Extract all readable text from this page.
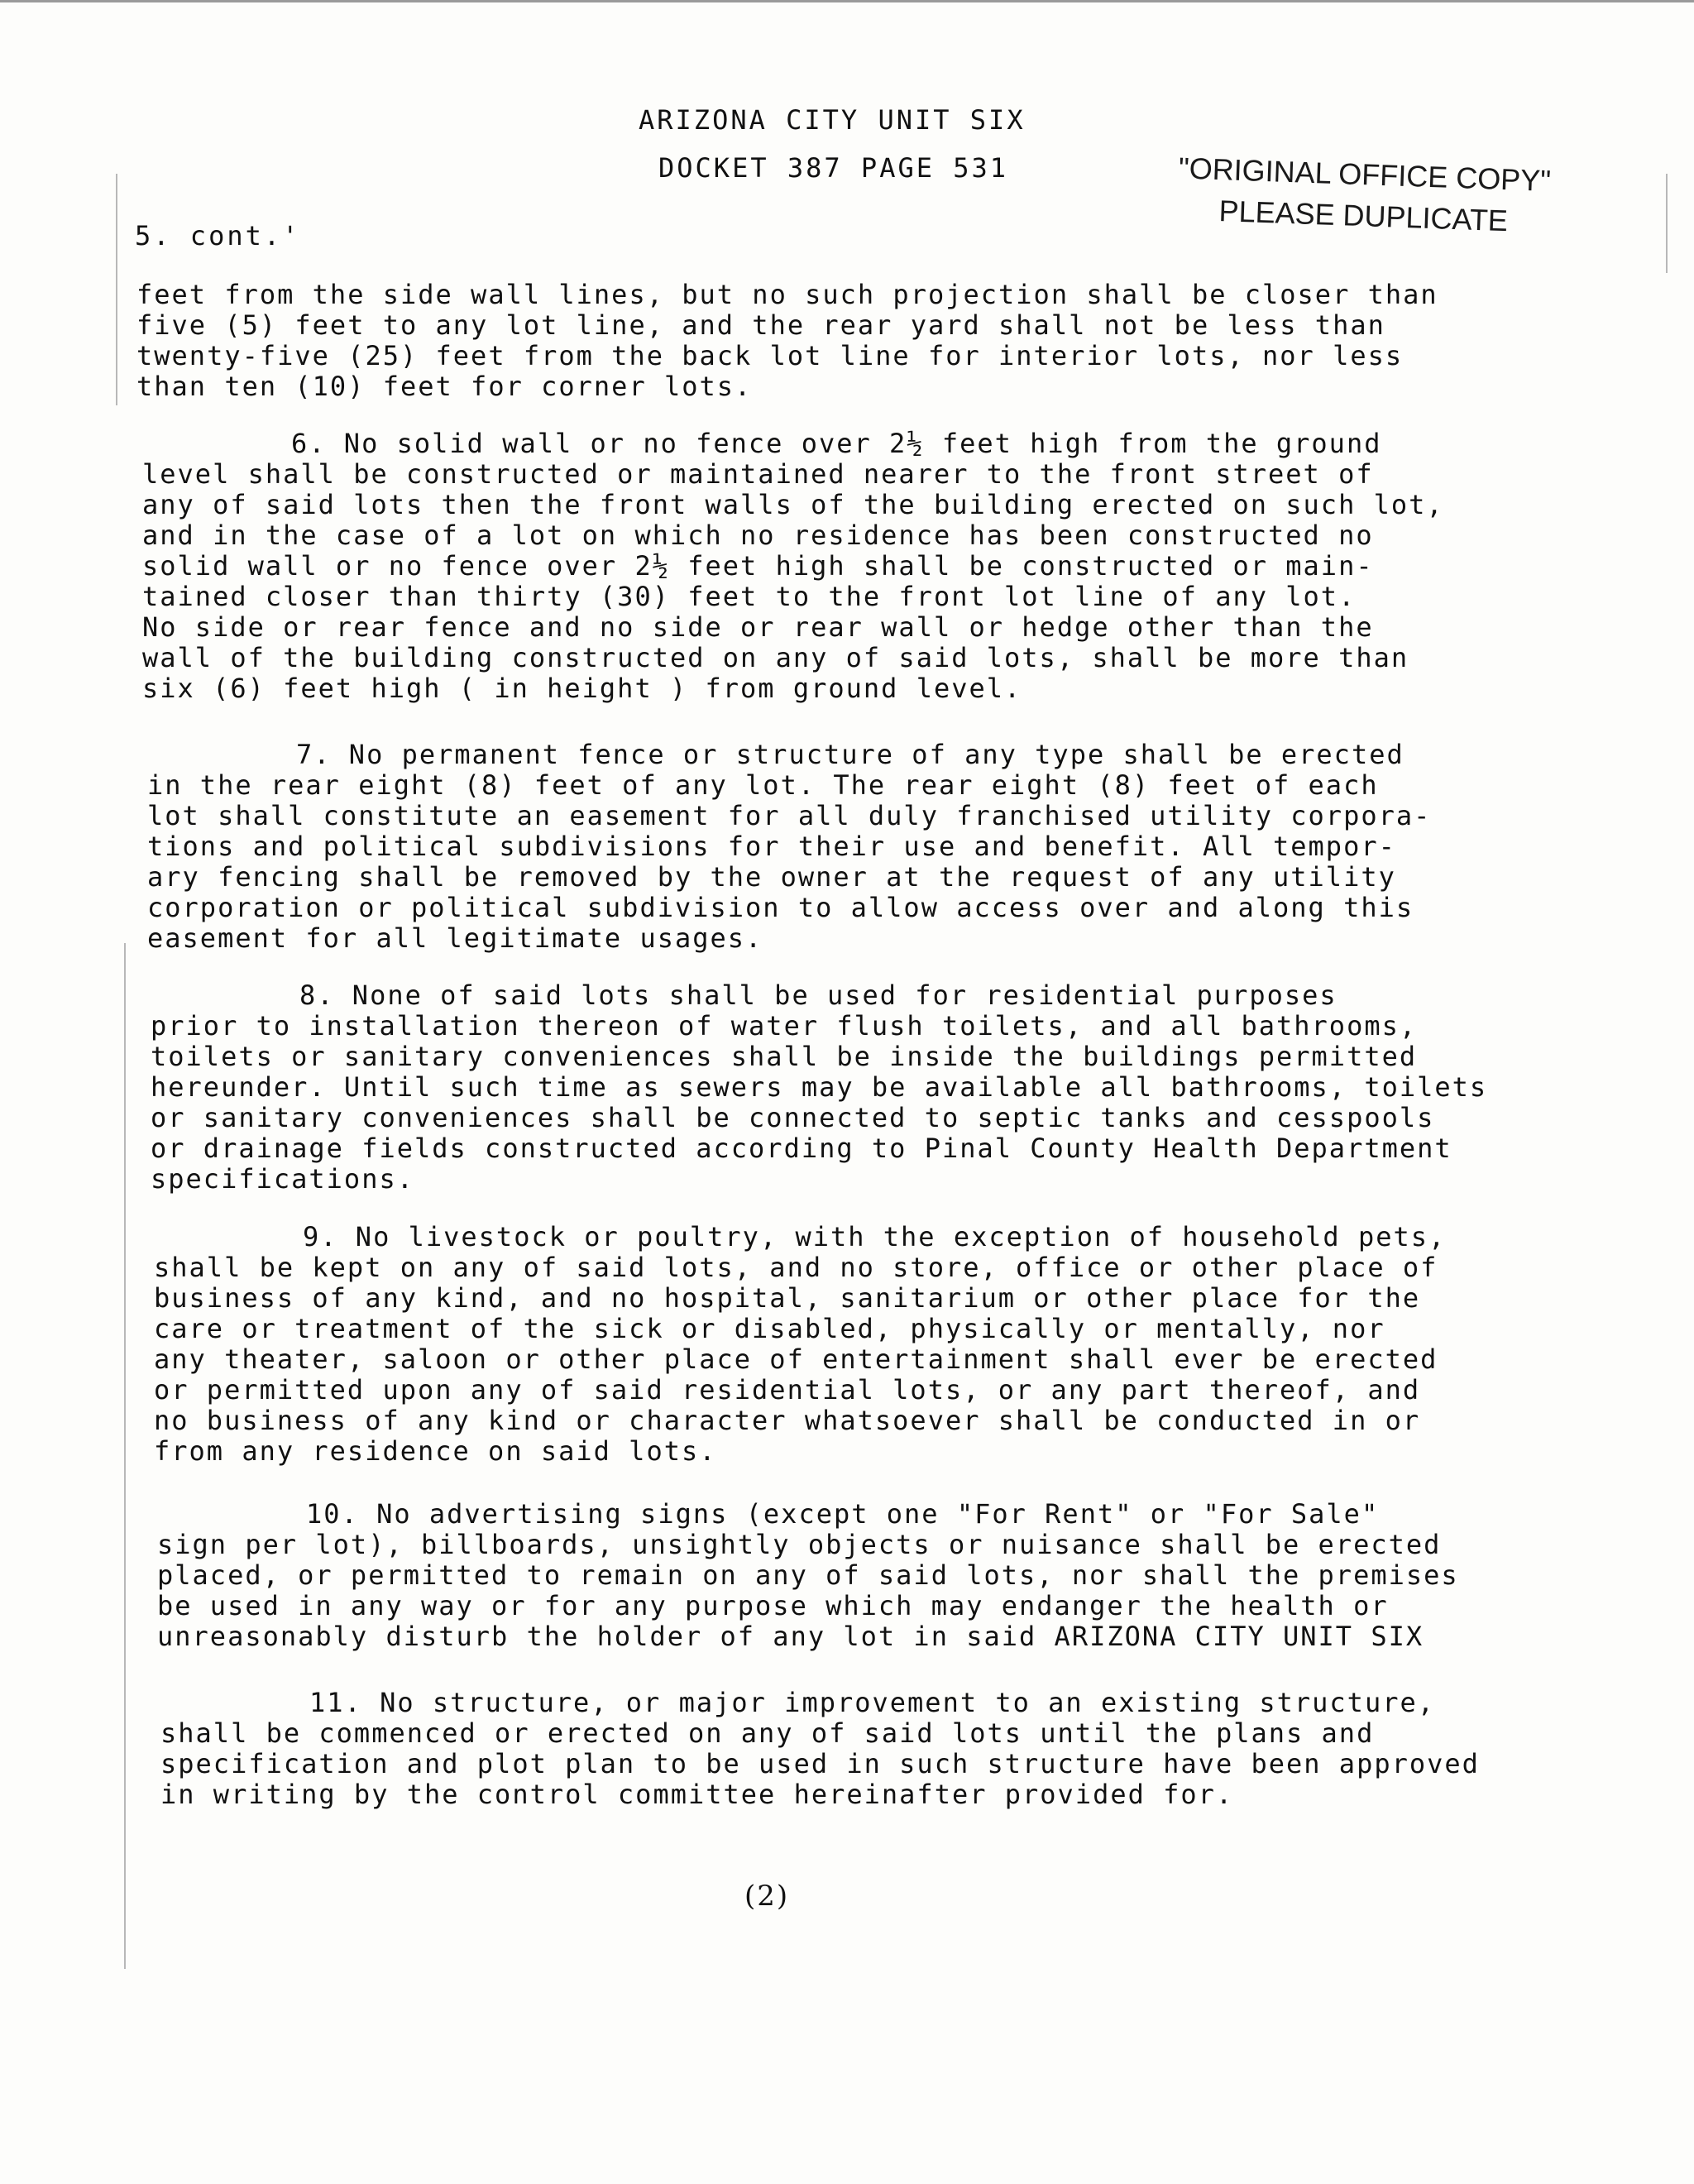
ARIZONA CITY UNIT SIX
DOCKET 387 PAGE 531	"ORIGINAL OFFICE COPY"
PLEASE DUPLICATE
5. cont.'
feet from the side wall lines, but no such projection shall be closer than
five (5) feet to any lot line, and the rear yard shall not be less than
twenty-five (25) feet from the back lot line for interior lots, nor less
than ten (10) feet for corner lots.
6. No solid wall or no fence over 2½ feet high from the ground
level shall be constructed or maintained nearer to the front street of
any of said lots then the front walls of the building erected on such lot,
and in the case of a lot on which no residence has been constructed no
solid wall or no fence over 2½ feet high shall be constructed or main-
tained closer than thirty (30) feet to the front lot line of any lot.
No side or rear fence and no side or rear wall or hedge other than the
wall of the building constructed on any of said lots, shall be more than
six (6) feet high ( in height ) from ground level.
7. No permanent fence or structure of any type shall be erected
in the rear eight (8) feet of any lot. The rear eight (8) feet of each
lot shall constitute an easement for all duly franchised utility corpora-
tions and political subdivisions for their use and benefit. All tempor-
ary fencing shall be removed by the owner at the request of any utility
corporation or political subdivision to allow access over and along this
easement for all legitimate usages.
8. None of said lots shall be used for residential purposes
prior to installation thereon of water flush toilets, and all bathrooms,
toilets or sanitary conveniences shall be inside the buildings permitted
hereunder. Until such time as sewers may be available all bathrooms, toilets
or sanitary conveniences shall be connected to septic tanks and cesspools
or drainage fields constructed according to Pinal County Health Department
specifications.
9. No livestock or poultry, with the exception of household pets,
shall be kept on any of said lots, and no store, office or other place of
business of any kind, and no hospital, sanitarium or other place for the
care or treatment of the sick or disabled, physically or mentally, nor
any theater, saloon or other place of entertainment shall ever be erected
or permitted upon any of said residential lots, or any part thereof, and
no business of any kind or character whatsoever shall be conducted in or
from any residence on said lots.
10. No advertising signs (except one "For Rent" or "For Sale"
sign per lot), billboards, unsightly objects or nuisance shall be erected
placed, or permitted to remain on any of said lots, nor shall the premises
be used in any way or for any purpose which may endanger the health or
unreasonably disturb the holder of any lot in said ARIZONA CITY UNIT SIX
11. No structure, or major improvement to an existing structure,
shall be commenced or erected on any of said lots until the plans and
specification and plot plan to be used in such structure have been approved
in writing by the control committee hereinafter provided for.
(2)
